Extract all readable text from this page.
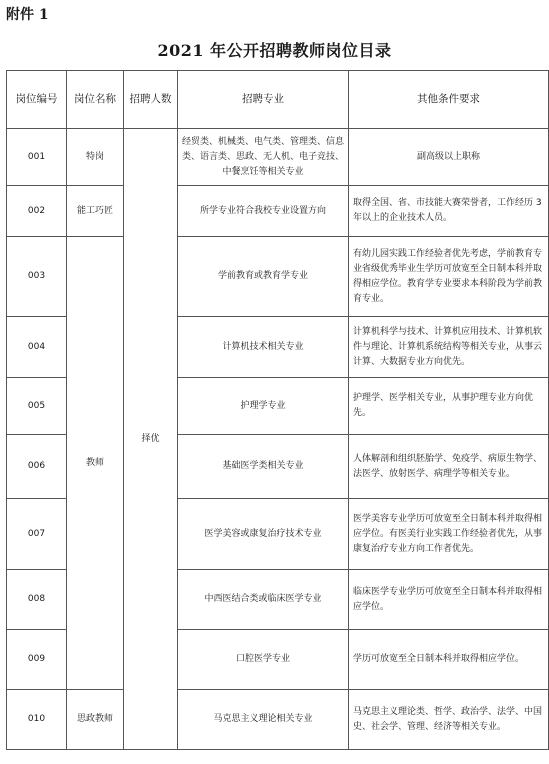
附件 1
2021 年公开招聘教师岗位目录
岗位编号	岗位名称	招聘人数	招聘专业	其他条件要求
001	特岗	择优	经贸类、机械类、电气类、管理类、信息类、语言类、思政、无人机、电子竞技、中餐烹饪等相关专业	副高级以上职称
002	能工巧匠		所学专业符合我校专业设置方向	取得全国、省、市技能大赛荣誉者，工作经历 3 年以上的企业技术人员。
003	教师		学前教育或教育学专业	有幼儿园实践工作经验者优先考虑，学前教育专业省级优秀毕业生学历可放宽至全日制本科并取得相应学位。教育学专业要求本科阶段为学前教育专业。
004			计算机技术相关专业	计算机科学与技术、计算机应用技术、计算机软件与理论、计算机系统结构等相关专业，从事云计算、大数据专业方向优先。
005			护理学专业	护理学、医学相关专业，从事护理专业方向优先。
006			基础医学类相关专业	人体解剖和组织胚胎学、免疫学、病原生物学、法医学、放射医学、病理学等相关专业。
007			医学美容或康复治疗技术专业	医学美容专业学历可放宽至全日制本科并取得相应学位。有医美行业实践工作经验者优先，从事康复治疗专业方向工作者优先。
008			中西医结合类或临床医学专业	临床医学专业学历可放宽至全日制本科并取得相应学位。
009			口腔医学专业	学历可放宽至全日制本科并取得相应学位。
010	思政教师		马克思主义理论相关专业	马克思主义理论类、哲学、政治学、法学、中国史、社会学、管理、经济等相关专业。
